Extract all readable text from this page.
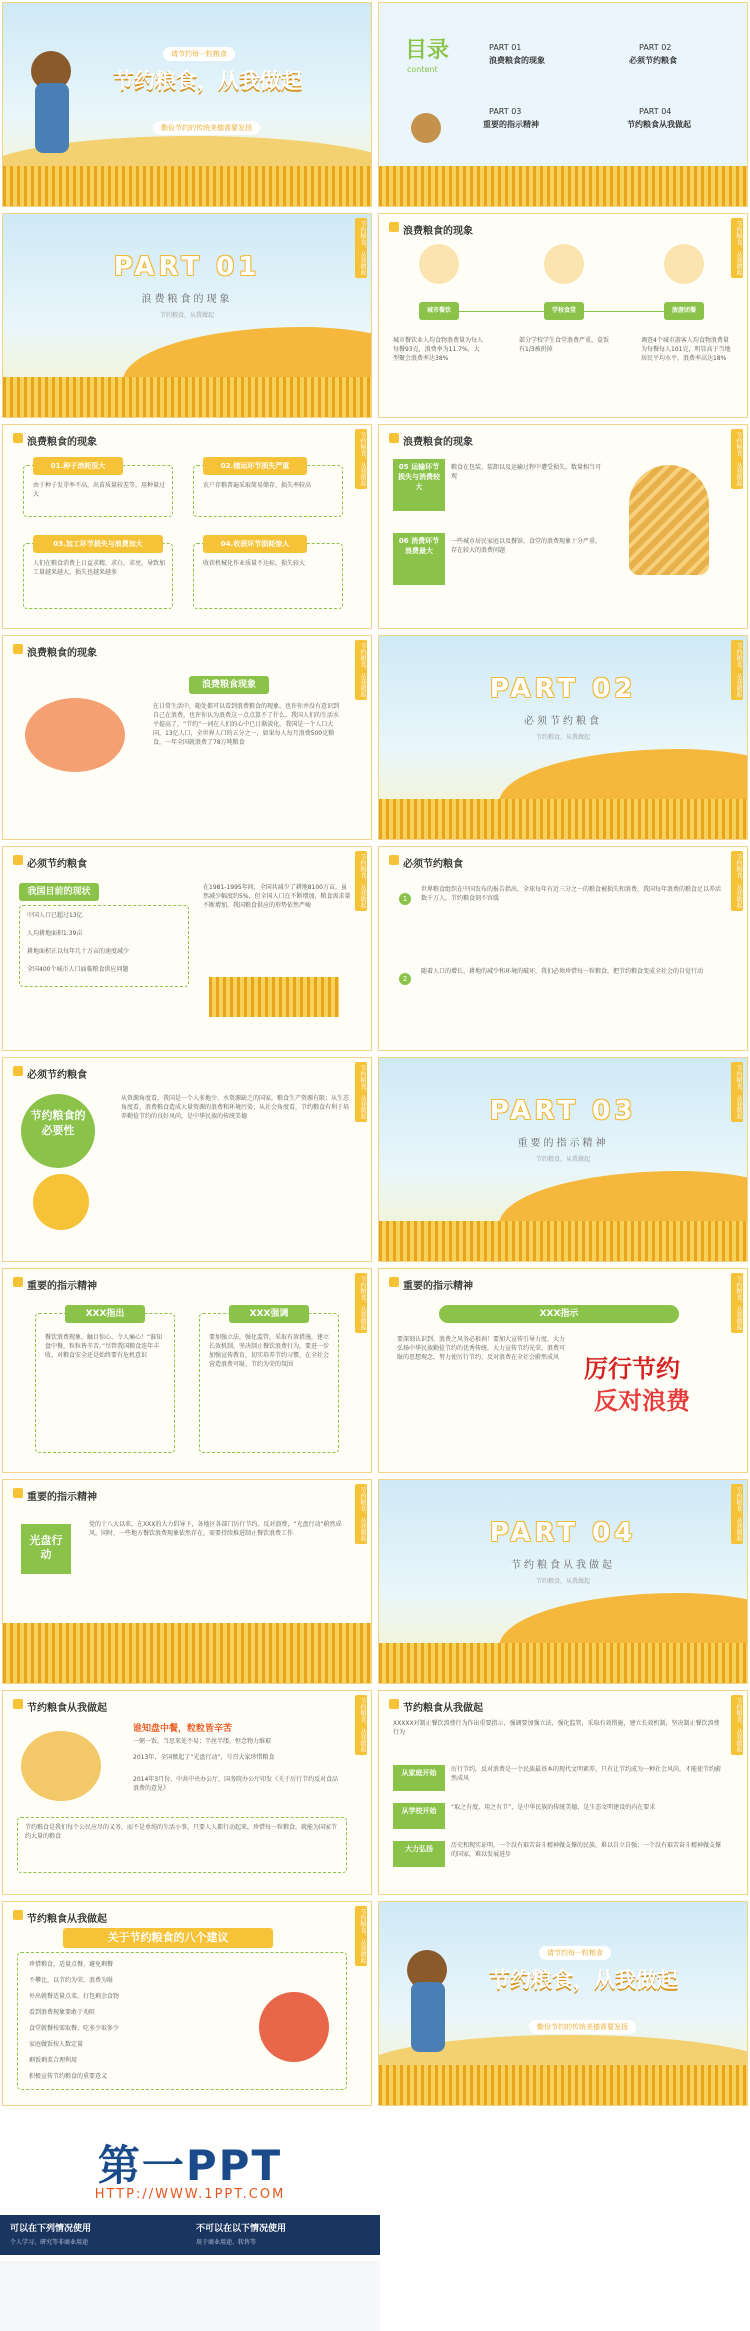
请节约每一粒粮食
节约粮食，从我做起
勤俭节约的传统美德需要发扬
目录
content
PART 01
浪费粮食的现象
PART 02
必须节约粮食
PART 03
重要的指示精神
PART 04
节约粮食从我做起
PART 01
浪费粮食的现象
节约粮食，从我做起
节约粮食，从我做起	浪费粮食的现象	节约粮食，从我做起
城市餐饮	学校食堂	旅游团餐
城市餐饮业人均食物浪费量为每人每餐93克，浪费率为11.7%，大型聚会浪费率达38%
部分学校学生食堂浪费严重，盒饭有1/3被扔掉
调查4个城市游客人均食物浪费量为每餐每人101克，明显高于当地居民平均水平，浪费率高达18%
浪费粮食的现象	节约粮食，从我做起
01.种子消耗很大
由于种子发芽率不高，出苗质量较差等，用种量过大
02.储运环节损失严重
农户存粮普遍采取简易储存，损失率较高
03.加工环节损失与浪费加大
人们在粮食消费上日益求精，求白，求亮，导致加工量越来越大，损失也越来越多
04.收获环节损耗惊人
收获机械化作业质量不达标，损失较大
浪费粮食的现象	节约粮食，从我做起
05 运输环节损失与消费较大
粮食在包装、装卸以及运输过程中遭受损失，数量相当可观
06 消费环节浪费最大
一些城市居民家庭以及餐馆、食堂的浪费现象十分严重，存在较大的浪费问题
浪费粮食的现象	节约粮食，从我做起
浪费粮食现象
在日常生活中，随处都可以看到浪费粮食的现象。也许你并没有意识到自己在浪费，也许你认为浪费这一点点算不了什么。我国人们的生活水平提高了，“节约”一词在人们的心中已日渐淡化。我国是一个人口大国，13亿人口，全世界人口的五分之一，如果每人每月浪费500克粮食，一年全国就浪费了78万吨粮食
PART 02
必须节约粮食
节约粮食，从我做起
节约粮食，从我做起
必须节约粮食	节约粮食，从我做起
我国目前的现状
中国人口已超过13亿
人均耕地面积1.39亩
耕地面积正以每年几十万亩的速度减少
全国400个城市人口面临粮食供应问题
在1981-1995年间，全国共减少了耕地8100万亩，虽然减少幅度约5%，但全国人口在不断增加，粮食需求量不断增加，我国粮食供应的形势依然严峻
必须节约粮食	节约粮食，从我做起
1
世界粮食组织在中国发布的报告指出，全球每年有近三分之一的粮食被损失和浪费，我国每年浪费的粮食足以养活数千万人，节约粮食刻不容缓
2
随着人口的增长、耕地的减少和环境的破坏，我们必须珍惜每一粒粮食，把节约粮食变成全社会的自觉行动
必须节约粮食	节约粮食，从我做起
节约粮食的必要性
从资源角度看，我国是一个人多地少、水资源缺乏的国家，粮食生产资源有限；从生态角度看，浪费粮食造成大量资源的浪费和环境污染；从社会角度看，节约粮食有利于培养勤俭节约的良好风尚，是中华民族的传统美德	PART 03
重要的指示精神
节约粮食，从我做起
节约粮食，从我做起
重要的指示精神	节约粮食，从我做起
XXX指出
餐饮浪费现象，触目惊心、令人痛心！“谁知盘中餐，粒粒皆辛苦。”尽管我国粮食连年丰收，对粮食安全还是始终要有危机意识
XXX强调
要加强立法，强化监管，采取有效措施，建立长效机制，坚决制止餐饮浪费行为，要进一步加强宣传教育，切实培养节约习惯，在全社会营造浪费可耻、节约为荣的氛围
重要的指示精神	节约粮食，从我做起
XXX指示
要深刻认识到，浪费之风务必狠刹！要加大宣传引导力度，大力弘扬中华民族勤俭节约的优秀传统，大力宣传节约光荣、浪费可耻的思想观念，努力使厉行节约、反对浪费在全社会蔚然成风	厉行节约
反对浪费
重要的指示精神	节约粮食，从我做起
光盘行动
党的十八大以来，在XXX的大力倡导下，各地区各部门厉行节约、反对浪费，“光盘行动”蔚然成风。同时，一些地方餐饮浪费现象依然存在，需要持续推进制止餐饮浪费工作	PART 04
节约粮食从我做起
节约粮食，从我做起
节约粮食，从我做起
节约粮食从我做起	节约粮食，从我做起
谁知盘中餐，粒粒皆辛苦
一粥一饭，当思来处不易；半丝半缕，恒念物力维艰
2013年，全国掀起了“光盘行动”，号召大家珍惜粮食
2014年3月份，中共中央办公厅、国务院办公厅印发《关于厉行节约反对食品浪费的意见》
节约粮食是我们每个公民应尽的义务，而不是单纯的生活小事，只要人人都行动起来，珍惜每一粒粮食，就能为国家节约大量的粮食
节约粮食从我做起	节约粮食，从我做起
XXXXX对制止餐饮浪费行为作出重要指示，强调要加强立法，强化监管，采取有效措施，建立长效机制，坚决制止餐饮浪费行为
从家庭开始	厉行节约，反对浪费是一个民族最基本的现代文明素养，只有让节约成为一种社会风尚，才能使节约蔚然成风
从学校开始	“取之有度，用之有节”，是中华民族的传统美德，是生态文明建设的内在要求
大力弘扬	历史和现实证明，一个没有艰苦奋斗精神做支撑的民族，难以自立自强；一个没有艰苦奋斗精神做支撑的国家，难以发展进步
节约粮食从我做起	节约粮食，从我做起
关于节约粮食的八个建议
珍惜粮食，适量点餐，避免剩餐
不攀比，以节约为荣，浪费为耻
外出就餐适量点菜，打包剩余食物
看到浪费现象要敢于劝阻
食堂就餐按需取餐，吃多少取多少
家庭做饭按人数定量
剩饭剩菜合理利用
积极宣传节约粮食的重要意义
请节约每一粒粮食
节约粮食，从我做起
勤俭节约的传统美德需要发扬
第一PPT
HTTP://WWW.1PPT.COM
可以在下列情况使用
个人学习、研究等非商业用途
不可以在以下情况使用
用于商业用途、转售等
